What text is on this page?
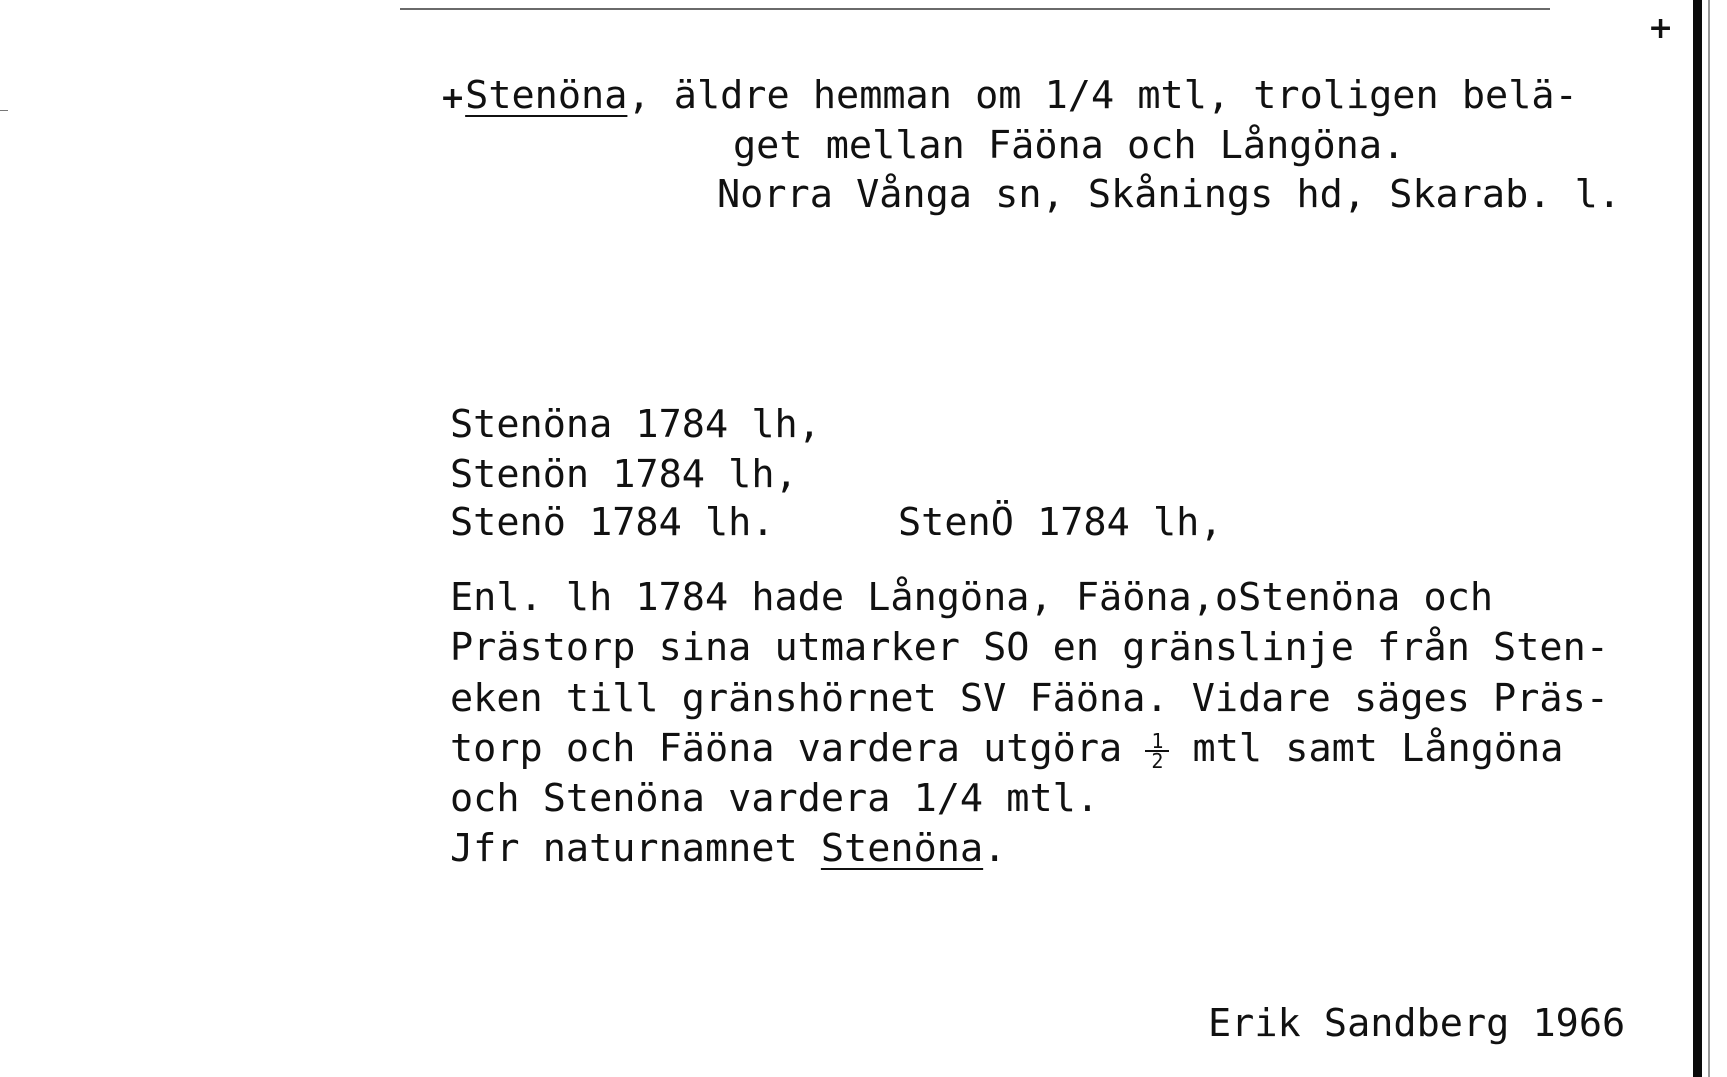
+
+Stenöna, äldre hemman om 1/4 mtl, troligen belä-
get mellan Fäöna och Långöna.
Norra Vånga sn, Skånings hd, Skarab. l.
Stenöna 1784 lh,
Stenön 1784 lh,
Stenö 1784 lh.	StenÖ 1784 lh,
Enl. lh 1784 hade Långöna, Fäöna,oStenöna och
Prästorp sina utmarker SO en gränslinje från Sten-
eken till gränshörnet SV Fäöna. Vidare säges Präs-
torp och Fäöna vardera utgöra $\frac{1}{2}$ mtl samt Långöna
och Stenöna vardera 1/4 mtl.
Jfr naturnamnet Stenöna.
Erik Sandberg 1966
